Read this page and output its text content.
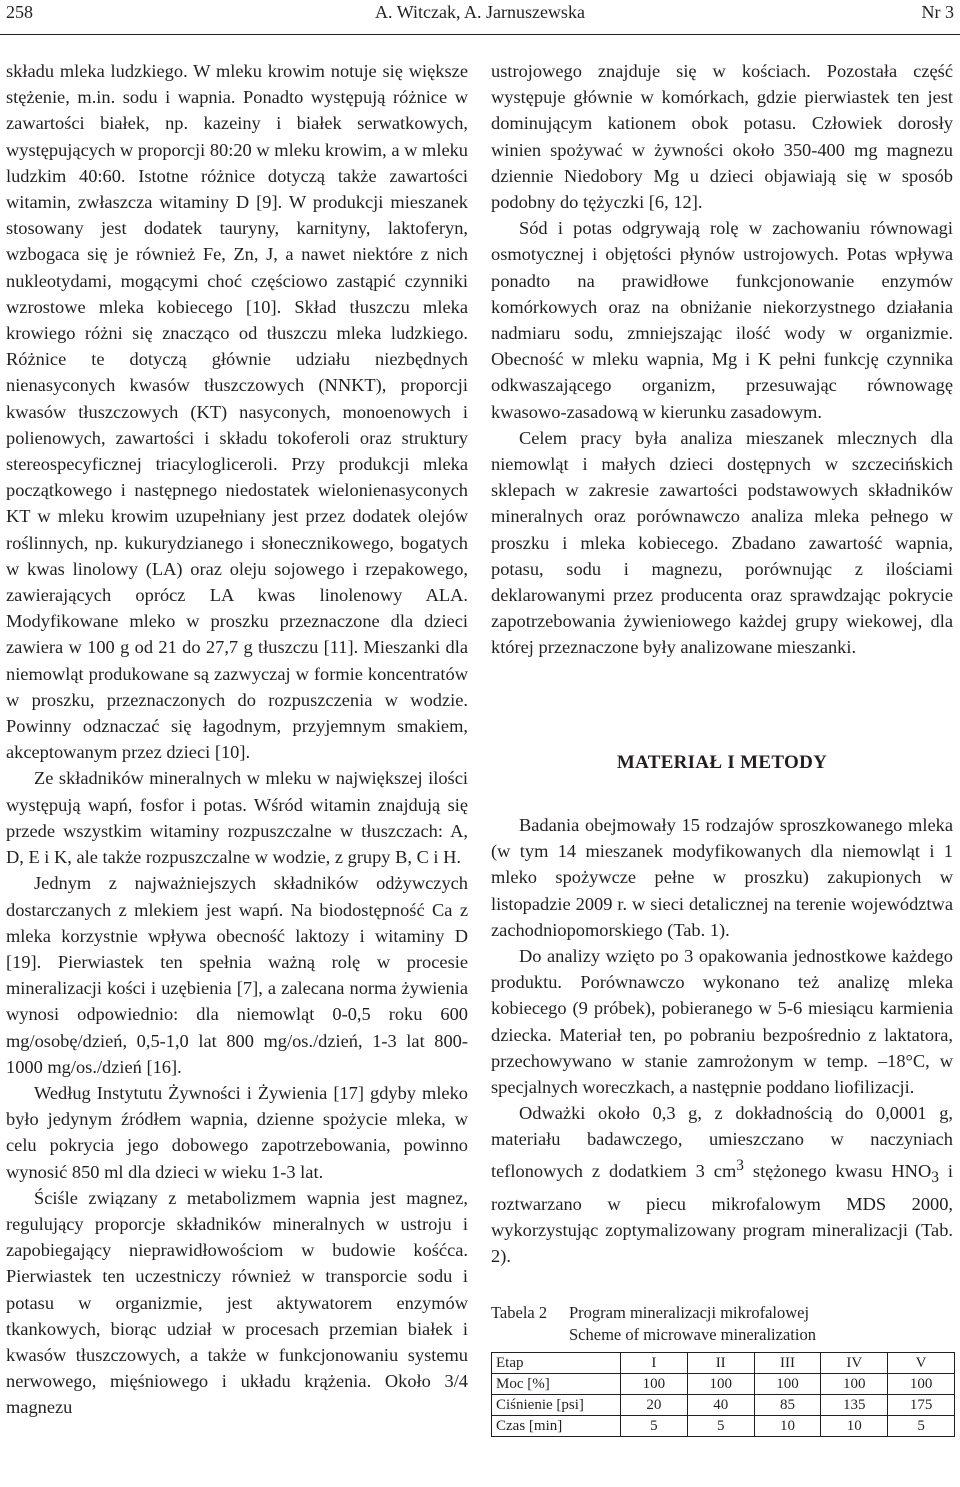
258	A. Witczak, A. Jarnuszewska	Nr 3

składu mleka ludzkiego. W mleku krowim notuje się większe stężenie, m.in. sodu i wapnia. Ponadto występują różnice w zawartości białek, np. kazeiny i białek serwatkowych, występujących w proporcji 80:20 w mleku krowim, a w mleku ludzkim 40:60. Istotne różnice dotyczą także zawartości witamin, zwłaszcza witaminy D [9]. W produkcji mieszanek stosowany jest dodatek tauryny, karnityny, laktoferyn, wzbogaca się je również Fe, Zn, J, a nawet niektóre z nich nukleotydami, mogącymi choć częściowo zastąpić czynniki wzrostowe mleka kobiecego [10]. Skład tłuszczu mleka krowiego różni się znacząco od tłuszczu mleka ludzkiego. Różnice te dotyczą głównie udziału niezbędnych nienasyconych kwasów tłuszczowych (NNKT), proporcji kwasów tłuszczowych (KT) nasyconych, monoenowych i polienowych, zawartości i składu tokoferoli oraz struktury stereospecyficznej triacylogliceroli. Przy produkcji mleka początkowego i następnego niedostatek wielonienasyconych KT w mleku krowim uzupełniany jest przez dodatek olejów roślinnych, np. kukurydzianego i słonecznikowego, bogatych w kwas linolowy (LA) oraz oleju sojowego i rzepakowego, zawierających oprócz LA kwas linolenowy ALA. Modyfikowane mleko w proszku przeznaczone dla dzieci zawiera w 100 g od 21 do 27,7 g tłuszczu [11]. Mieszanki dla niemowląt produkowane są zazwyczaj w formie koncentratów w proszku, przeznaczonych do rozpuszczenia w wodzie. Powinny odznaczać się łagodnym, przyjemnym smakiem, akceptowanym przez dzieci [10].

Ze składników mineralnych w mleku w największej ilości występują wapń, fosfor i potas. Wśród witamin znajdują się przede wszystkim witaminy rozpuszczalne w tłuszczach: A, D, E i K, ale także rozpuszczalne w wodzie, z grupy B, C i H.

Jednym z najważniejszych składników odżywczych dostarczanych z mlekiem jest wapń. Na biodostępność Ca z mleka korzystnie wpływa obecność laktozy i witaminy D [19]. Pierwiastek ten spełnia ważną rolę w procesie mineralizacji kości i uzębienia [7], a zalecana norma żywienia wynosi odpowiednio: dla niemowląt 0-0,5 roku 600 mg/osobę/dzień, 0,5-1,0 lat 800 mg/os./dzień, 1-3 lat 800-1000 mg/os./dzień [16].

Według Instytutu Żywności i Żywienia [17] gdyby mleko było jedynym źródłem wapnia, dzienne spożycie mleka, w celu pokrycia jego dobowego zapotrzebowania, powinno wynosić 850 ml dla dzieci w wieku 1-3 lat.

Ściśle związany z metabolizmem wapnia jest magnez, regulujący proporcje składników mineralnych w ustroju i zapobiegający nieprawidłowościom w budowie kośćca. Pierwiastek ten uczestniczy również w transporcie sodu i potasu w organizmie, jest aktywatorem enzymów tkankowych, biorąc udział w procesach przemian białek i kwasów tłuszczowych, a także w funkcjonowaniu systemu nerwowego, mięśniowego i układu krążenia. Około 3/4 magnezu

ustrojowego znajduje się w kościach. Pozostała część występuje głównie w komórkach, gdzie pierwiastek ten jest dominującym kationem obok potasu. Człowiek dorosły winien spożywać w żywności około 350-400 mg magnezu dziennie Niedobory Mg u dzieci objawiają się w sposób podobny do tężyczki [6, 12].

Sód i potas odgrywają rolę w zachowaniu równowagi osmotycznej i objętości płynów ustrojowych. Potas wpływa ponadto na prawidłowe funkcjonowanie enzymów komórkowych oraz na obniżanie niekorzystnego działania nadmiaru sodu, zmniejszając ilość wody w organizmie. Obecność w mleku wapnia, Mg i K pełni funkcję czynnika odkwaszającego organizm, przesuwając równowagę kwasowo-zasadową w kierunku zasadowym.

Celem pracy była analiza mieszanek mlecznych dla niemowląt i małych dzieci dostępnych w szczecińskich sklepach w zakresie zawartości podstawowych składników mineralnych oraz porównawczo analiza mleka pełnego w proszku i mleka kobiecego. Zbadano zawartość wapnia, potasu, sodu i magnezu, porównując z ilościami deklarowanymi przez producenta oraz sprawdzając pokrycie zapotrzebowania żywieniowego każdej grupy wiekowej, dla której przeznaczone były analizowane mieszanki.

MATERIAŁ I METODY

Badania obejmowały 15 rodzajów sproszkowanego mleka (w tym 14 mieszanek modyfikowanych dla niemowląt i 1 mleko spożywcze pełne w proszku) zakupionych w listopadzie 2009 r. w sieci detalicznej na terenie województwa zachodniopomorskiego (Tab. 1).

Do analizy wzięto po 3 opakowania jednostkowe każdego produktu. Porównawczo wykonano też analizę mleka kobiecego (9 próbek), pobieranego w 5-6 miesiącu karmienia dziecka. Materiał ten, po pobraniu bezpośrednio z laktatora, przechowywano w stanie zamrożonym w temp. –18°C, w specjalnych woreczkach, a następnie poddano liofilizacji.

Odważki około 0,3 g, z dokładnością do 0,0001 g, materiału badawczego, umieszczano w naczyniach teflonowych z dodatkiem 3 $cm^3$ stężonego kwasu $HNO_3$ i roztwarzano w piecu mikrofalowym MDS 2000, wykorzystując zoptymalizowany program mineralizacji (Tab. 2).

Tabela 2 Program mineralizacji mikrofalowej
Scheme of microwave mineralization
Etap	I	II	III	IV	V
Moc [%]	100	100	100	100	100
Ciśnienie [psi]	20	40	85	135	175
Czas [min]	5	5	10	10	5
